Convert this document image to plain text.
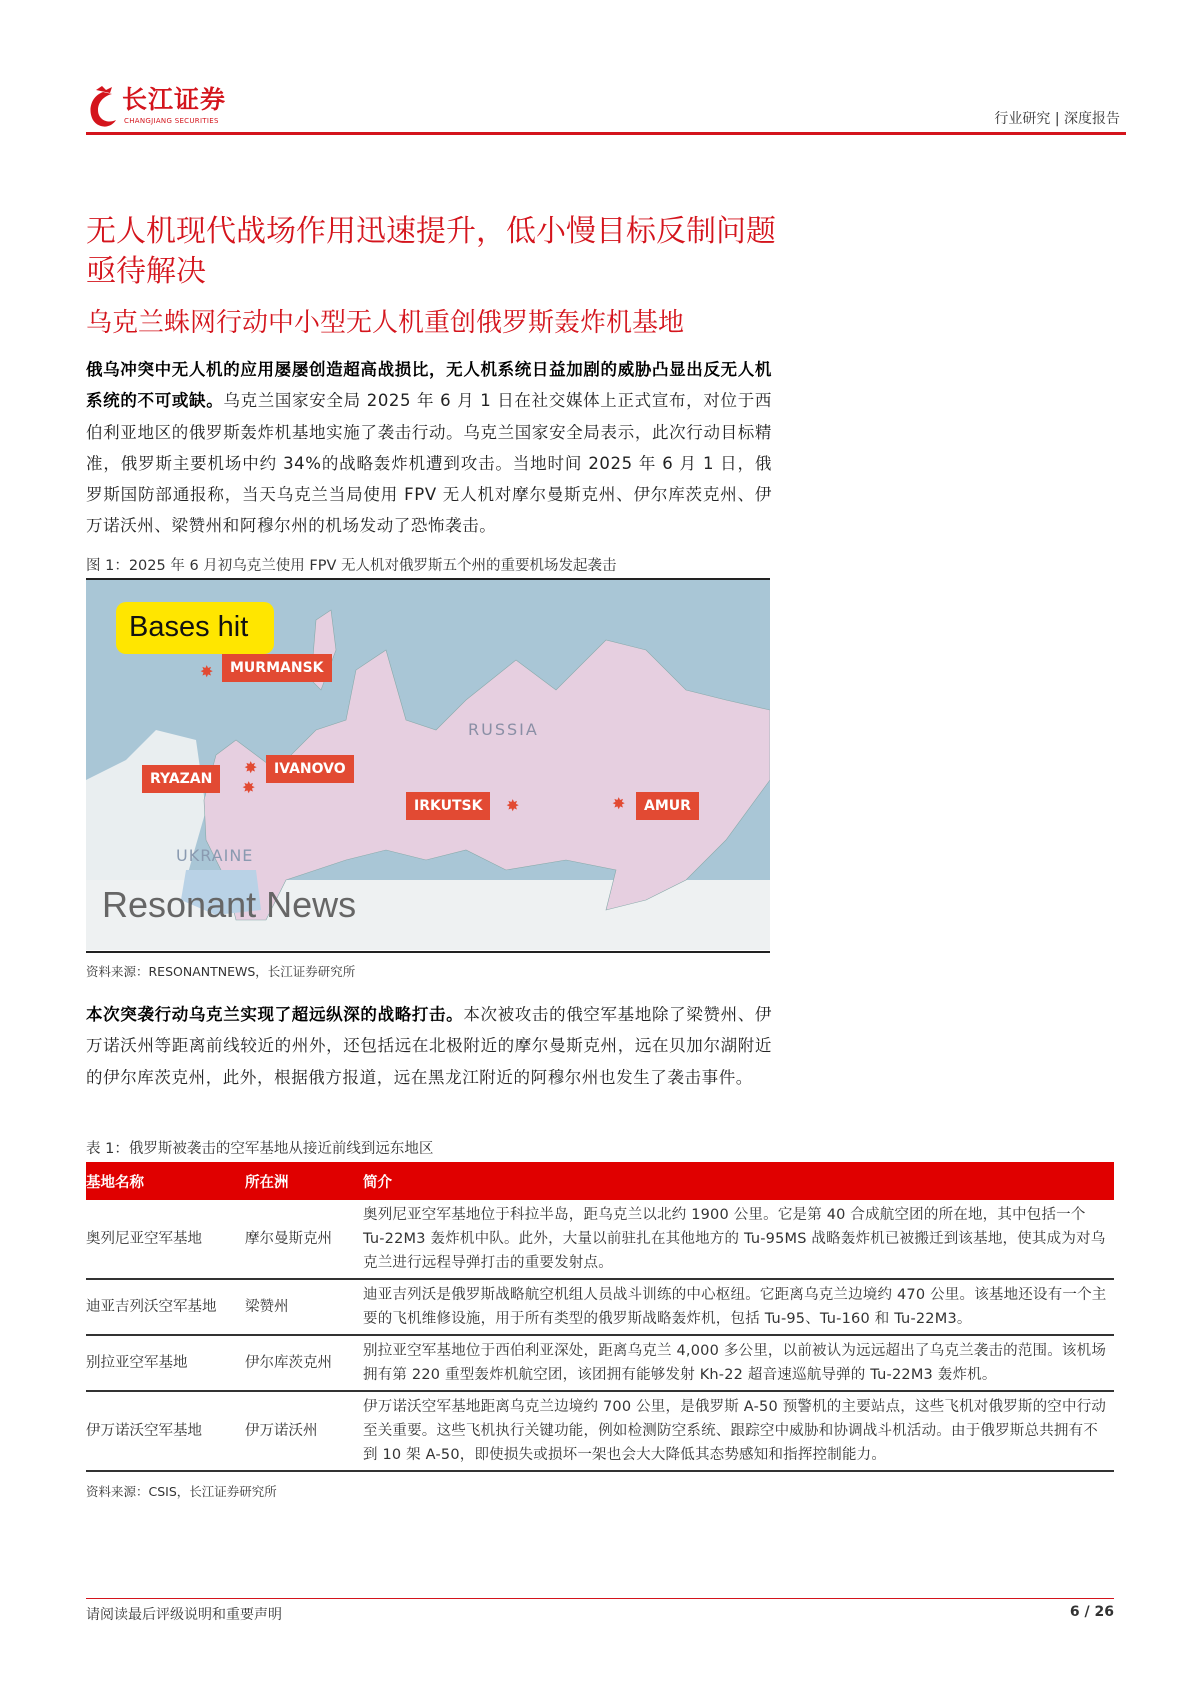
长江证券
CHANGJIANG SECURITIES	行业研究 | 深度报告
无人机现代战场作用迅速提升，低小慢目标反制问题亟待解决
乌克兰蛛网行动中小型无人机重创俄罗斯轰炸机基地
俄乌冲突中无人机的应用屡屡创造超高战损比，无人机系统日益加剧的威胁凸显出反无人机系统的不可或缺。乌克兰国家安全局 2025 年 6 月 1 日在社交媒体上正式宣布，对位于西伯利亚地区的俄罗斯轰炸机基地实施了袭击行动。乌克兰国家安全局表示，此次行动目标精准，俄罗斯主要机场中约 34%的战略轰炸机遭到攻击。当地时间 2025 年 6 月 1 日，俄罗斯国防部通报称，当天乌克兰当局使用 FPV 无人机对摩尔曼斯克州、伊尔库茨克州、伊万诺沃州、梁赞州和阿穆尔州的机场发动了恐怖袭击。
图 1：2025 年 6 月初乌克兰使用 FPV 无人机对俄罗斯五个州的重要机场发起袭击
Bases hit
RUSSIA
UKRAINE
Resonant News
MURMANSK
IVANOVO
RYAZAN
IRKUTSK	AMUR
✸
✸
✸
✸	✸
资料来源：RESONANTNEWS，长江证券研究所
本次突袭行动乌克兰实现了超远纵深的战略打击。本次被攻击的俄空军基地除了梁赞州、伊万诺沃州等距离前线较近的州外，还包括远在北极附近的摩尔曼斯克州，远在贝加尔湖附近的伊尔库茨克州，此外，根据俄方报道，远在黑龙江附近的阿穆尔州也发生了袭击事件。
表 1：俄罗斯被袭击的空军基地从接近前线到远东地区
基地名称	所在洲	简介
奥列尼亚空军基地	摩尔曼斯克州	奥列尼亚空军基地位于科拉半岛，距乌克兰以北约 1900 公里。它是第 40 合成航空团的所在地，其中包括一个 Tu-22M3 轰炸机中队。此外，大量以前驻扎在其他地方的 Tu-95MS 战略轰炸机已被搬迁到该基地，使其成为对乌克兰进行远程导弹打击的重要发射点。
迪亚吉列沃空军基地	梁赞州	迪亚吉列沃是俄罗斯战略航空机组人员战斗训练的中心枢纽。它距离乌克兰边境约 470 公里。该基地还设有一个主要的飞机维修设施，用于所有类型的俄罗斯战略轰炸机，包括 Tu-95、Tu-160 和 Tu-22M3。
别拉亚空军基地	伊尔库茨克州	别拉亚空军基地位于西伯利亚深处，距离乌克兰 4,000 多公里，以前被认为远远超出了乌克兰袭击的范围。该机场拥有第 220 重型轰炸机航空团，该团拥有能够发射 Kh-22 超音速巡航导弹的 Tu-22M3 轰炸机。
伊万诺沃空军基地	伊万诺沃州	伊万诺沃空军基地距离乌克兰边境约 700 公里，是俄罗斯 A-50 预警机的主要站点，这些飞机对俄罗斯的空中行动至关重要。这些飞机执行关键功能，例如检测防空系统、跟踪空中威胁和协调战斗机活动。由于俄罗斯总共拥有不到 10 架 A-50，即使损失或损坏一架也会大大降低其态势感知和指挥控制能力。
资料来源：CSIS，长江证券研究所
请阅读最后评级说明和重要声明	6 / 26
